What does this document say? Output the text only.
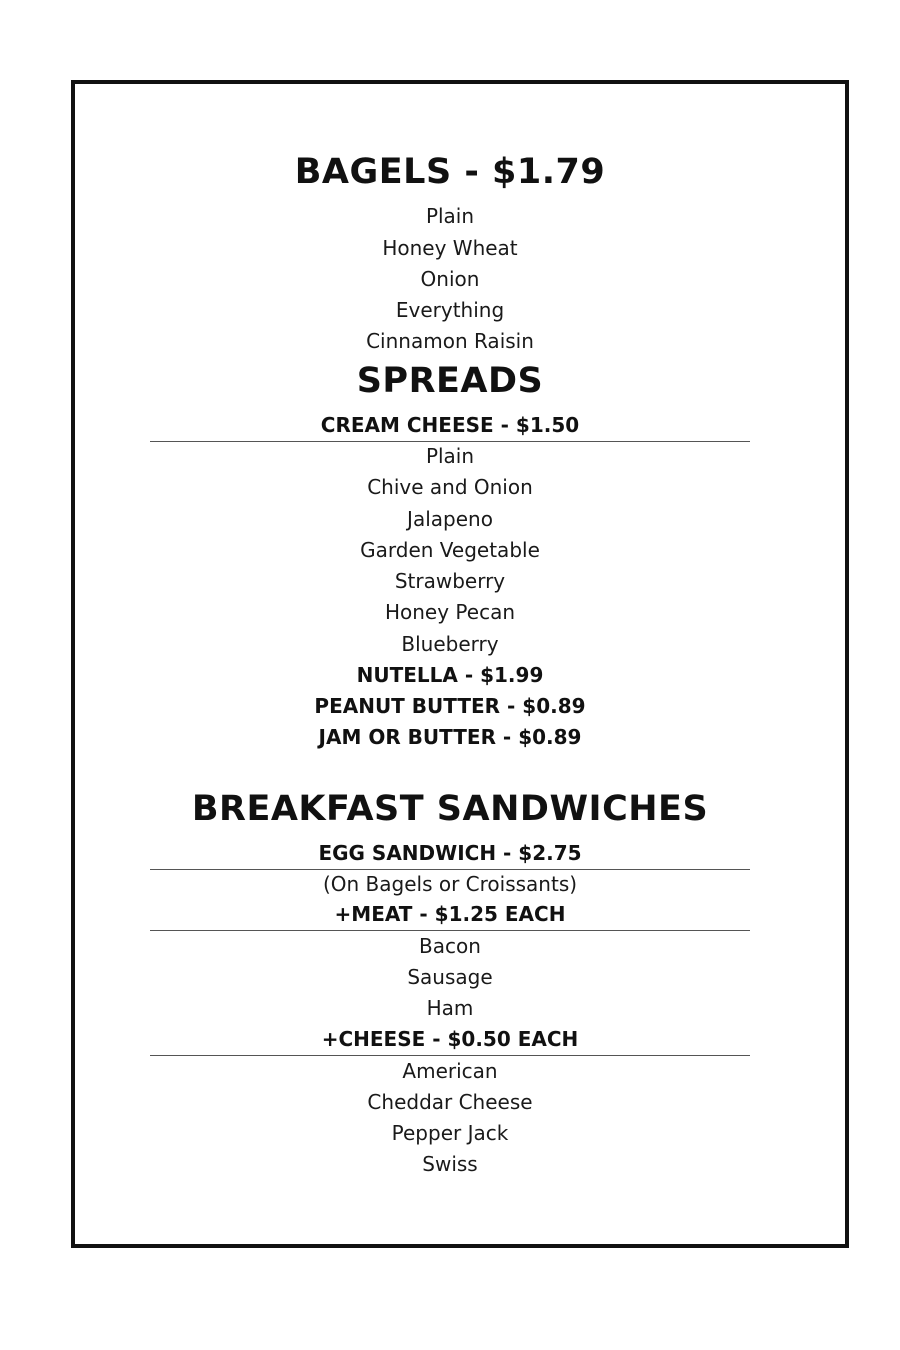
BAGELS - $1.79
Plain
Honey Wheat
Onion
Everything
Cinnamon Raisin
SPREADS
CREAM CHEESE - $1.50
Plain
Chive and Onion
Jalapeno
Garden Vegetable
Strawberry
Honey Pecan
Blueberry
NUTELLA - $1.99
PEANUT BUTTER - $0.89
JAM OR BUTTER - $0.89
BREAKFAST SANDWICHES
EGG SANDWICH - $2.75
(On Bagels or Croissants)
+MEAT - $1.25 EACH
Bacon
Sausage
Ham
+CHEESE - $0.50 EACH
American
Cheddar Cheese
Pepper Jack
Swiss
